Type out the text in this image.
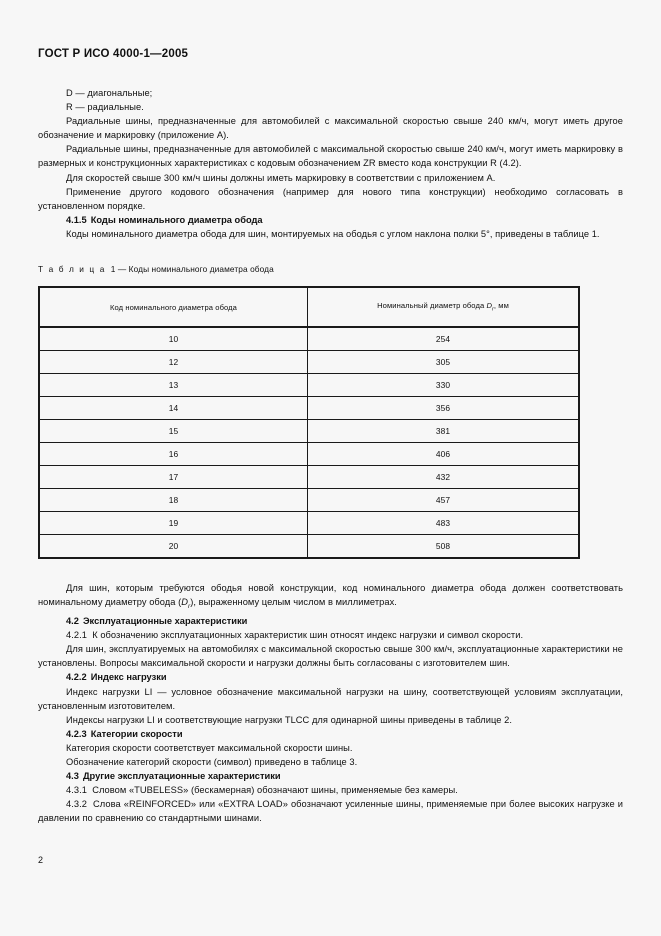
ГОСТ Р ИСО 4000-1—2005

D — диагональные;

R — радиальные.

Радиальные шины, предназначенные для автомобилей с максимальной скоростью свыше 240 км/ч, могут иметь другое обозначение и маркировку (приложение А).

Радиальные шины, предназначенные для автомобилей с максимальной скоростью свыше 240 км/ч, могут иметь маркировку в размерных и конструкционных характеристиках с кодовым обозначением ZR вместо кода конструкции R (4.2).

Для скоростей свыше 300 км/ч шины должны иметь маркировку в соответствии с приложением А.

Применение другого кодового обозначения (например для нового типа конструкции) необходимо согласовать в установленном порядке.

4.1.5 Коды номинального диаметра обода

Коды номинального диаметра обода для шин, монтируемых на ободья с углом наклона полки 5°, приведены в таблице 1.

Т а б л и ц а 1 — Коды номинального диаметра обода

Код номинального диаметра обода	Номинальный диаметр обода $D_r$, мм
10	254
12	305
13	330
14	356
15	381
16	406
17	432
18	457
19	483
20	508

Для шин, которым требуются ободья новой конструкции, код номинального диаметра обода должен соответствовать номинальному диаметру обода $(D_r)$, выраженному целым числом в миллиметрах.

4.2 Эксплуатационные характеристики

4.2.1 К обозначению эксплуатационных характеристик шин относят индекс нагрузки и символ скорости.

Для шин, эксплуатируемых на автомобилях с максимальной скоростью свыше 300 км/ч, эксплуатационные характеристики не установлены. Вопросы максимальной скорости и нагрузки должны быть согласованы с изготовителем шин.

4.2.2 Индекс нагрузки

Индекс нагрузки LI — условное обозначение максимальной нагрузки на шину, соответствующей условиям эксплуатации, установленным изготовителем.

Индексы нагрузки LI и соответствующие нагрузки TLCC для одинарной шины приведены в таблице 2.

4.2.3 Категории скорости

Категория скорости соответствует максимальной скорости шины.

Обозначение категорий скорости (символ) приведено в таблице 3.

4.3 Другие эксплуатационные характеристики

4.3.1 Словом «TUBELESS» (бескамерная) обозначают шины, применяемые без камеры.

4.3.2 Слова «REINFORCED» или «EXTRA LOAD» обозначают усиленные шины, применяемые при более высоких нагрузке и давлении по сравнению со стандартными шинами.

2
